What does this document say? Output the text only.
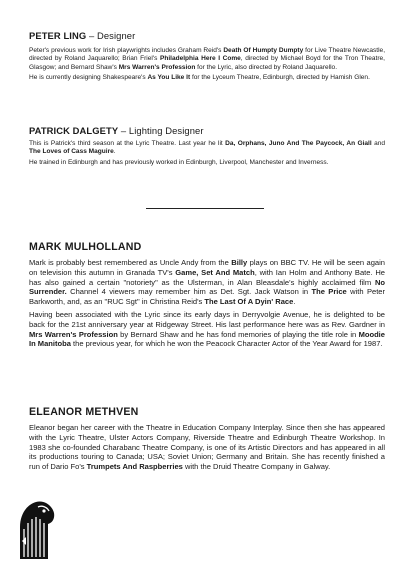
PETER LING – Designer

Peter's previous work for Irish playwrights includes Graham Reid's Death Of Humpty Dumpty for Live Theatre Newcastle, directed by Roland Jaquarello; Brian Friel's Philadelphia Here I Come, directed by Michael Boyd for the Tron Theatre, Glasgow; and Bernard Shaw's Mrs Warren's Profession for the Lyric, also directed by Roland Jaquarello.

He is currently designing Shakespeare's As You Like It for the Lyceum Theatre, Edinburgh, directed by Hamish Glen.

PATRICK DALGETY – Lighting Designer

This is Patrick's third season at the Lyric Theatre. Last year he lit Da, Orphans, Juno And The Paycock, An Giall and The Loves of Cass Maguire.

He trained in Edinburgh and has previously worked in Edinburgh, Liverpool, Manchester and Inverness.

MARK MULHOLLAND

Mark is probably best remembered as Uncle Andy from the Billy plays on BBC TV. He will be seen again on television this autumn in Granada TV's Game, Set And Match, with Ian Holm and Anthony Bate. He has also gained a certain "notoriety" as the Ulsterman, in Alan Bleasdale's highly acclaimed film No Surrender. Channel 4 viewers may remember him as Det. Sgt. Jack Watson in The Price with Peter Barkworth, and, as an "RUC Sgt" in Christina Reid's The Last Of A Dyin' Race.

Having been associated with the Lyric since its early days in Derryvolgie Avenue, he is delighted to be back for the 21st anniversary year at Ridgeway Street. His last performance here was as Rev. Gardner in Mrs Warren's Profession by Bernard Shaw and he has fond memories of playing the title role in Moodie In Manitoba the previous year, for which he won the Peacock Character Actor of the Year Award for 1987.

ELEANOR METHVEN

Eleanor began her career with the Theatre in Education Company Interplay. Since then she has appeared with the Lyric Theatre, Ulster Actors Company, Riverside Theatre and Edinburgh Theatre Workshop. In 1983 she co-founded Charabanc Theatre Company, is one of its Artistic Directors and has appeared in all its productions touring to Canada; USA; Soviet Union; Germany and Britain. She has recently finished a run of Dario Fo's Trumpets And Raspberries with the Druid Theatre Company in Galway.
